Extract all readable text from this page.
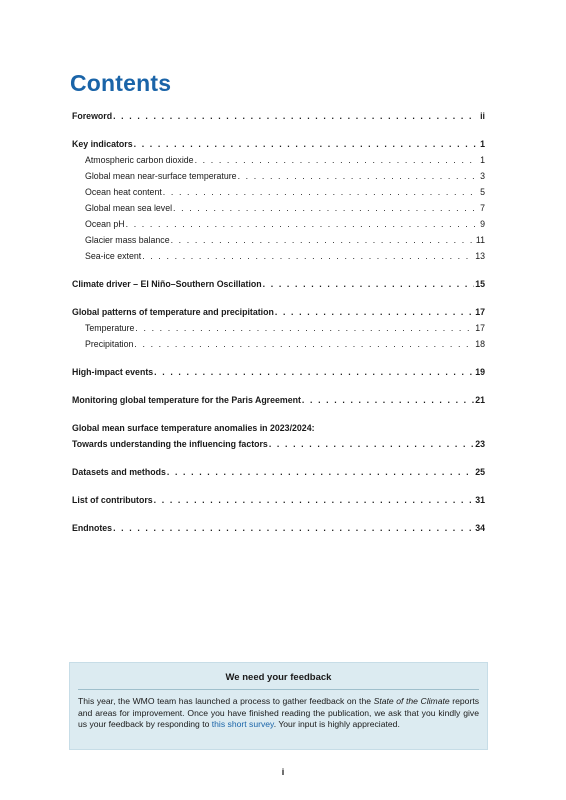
Contents
Foreword . . .	ii
Key indicators . . .	1
Atmospheric carbon dioxide . . .	1
Global mean near-surface temperature . . .	3
Ocean heat content . . .	5
Global mean sea level . . .	7
Ocean pH . . .	9
Glacier mass balance . . .	11
Sea-ice extent . . .	13
Climate driver – El Niño–Southern Oscillation . . .	15
Global patterns of temperature and precipitation . . .	17
Temperature . . .	17
Precipitation . . .	18
High-impact events . . .	19
Monitoring global temperature for the Paris Agreement . . .	21
Global mean surface temperature anomalies in 2023/2024:
Towards understanding the influencing factors . . .	23
Datasets and methods . . .	25
List of contributors . . .	31
Endnotes . . .	34
We need your feedback

This year, the WMO team has launched a process to gather feedback on the State of the Climate reports and areas for improvement. Once you have finished reading the publication, we ask that you kindly give us your feedback by responding to this short survey. Your input is highly appreciated.

i
